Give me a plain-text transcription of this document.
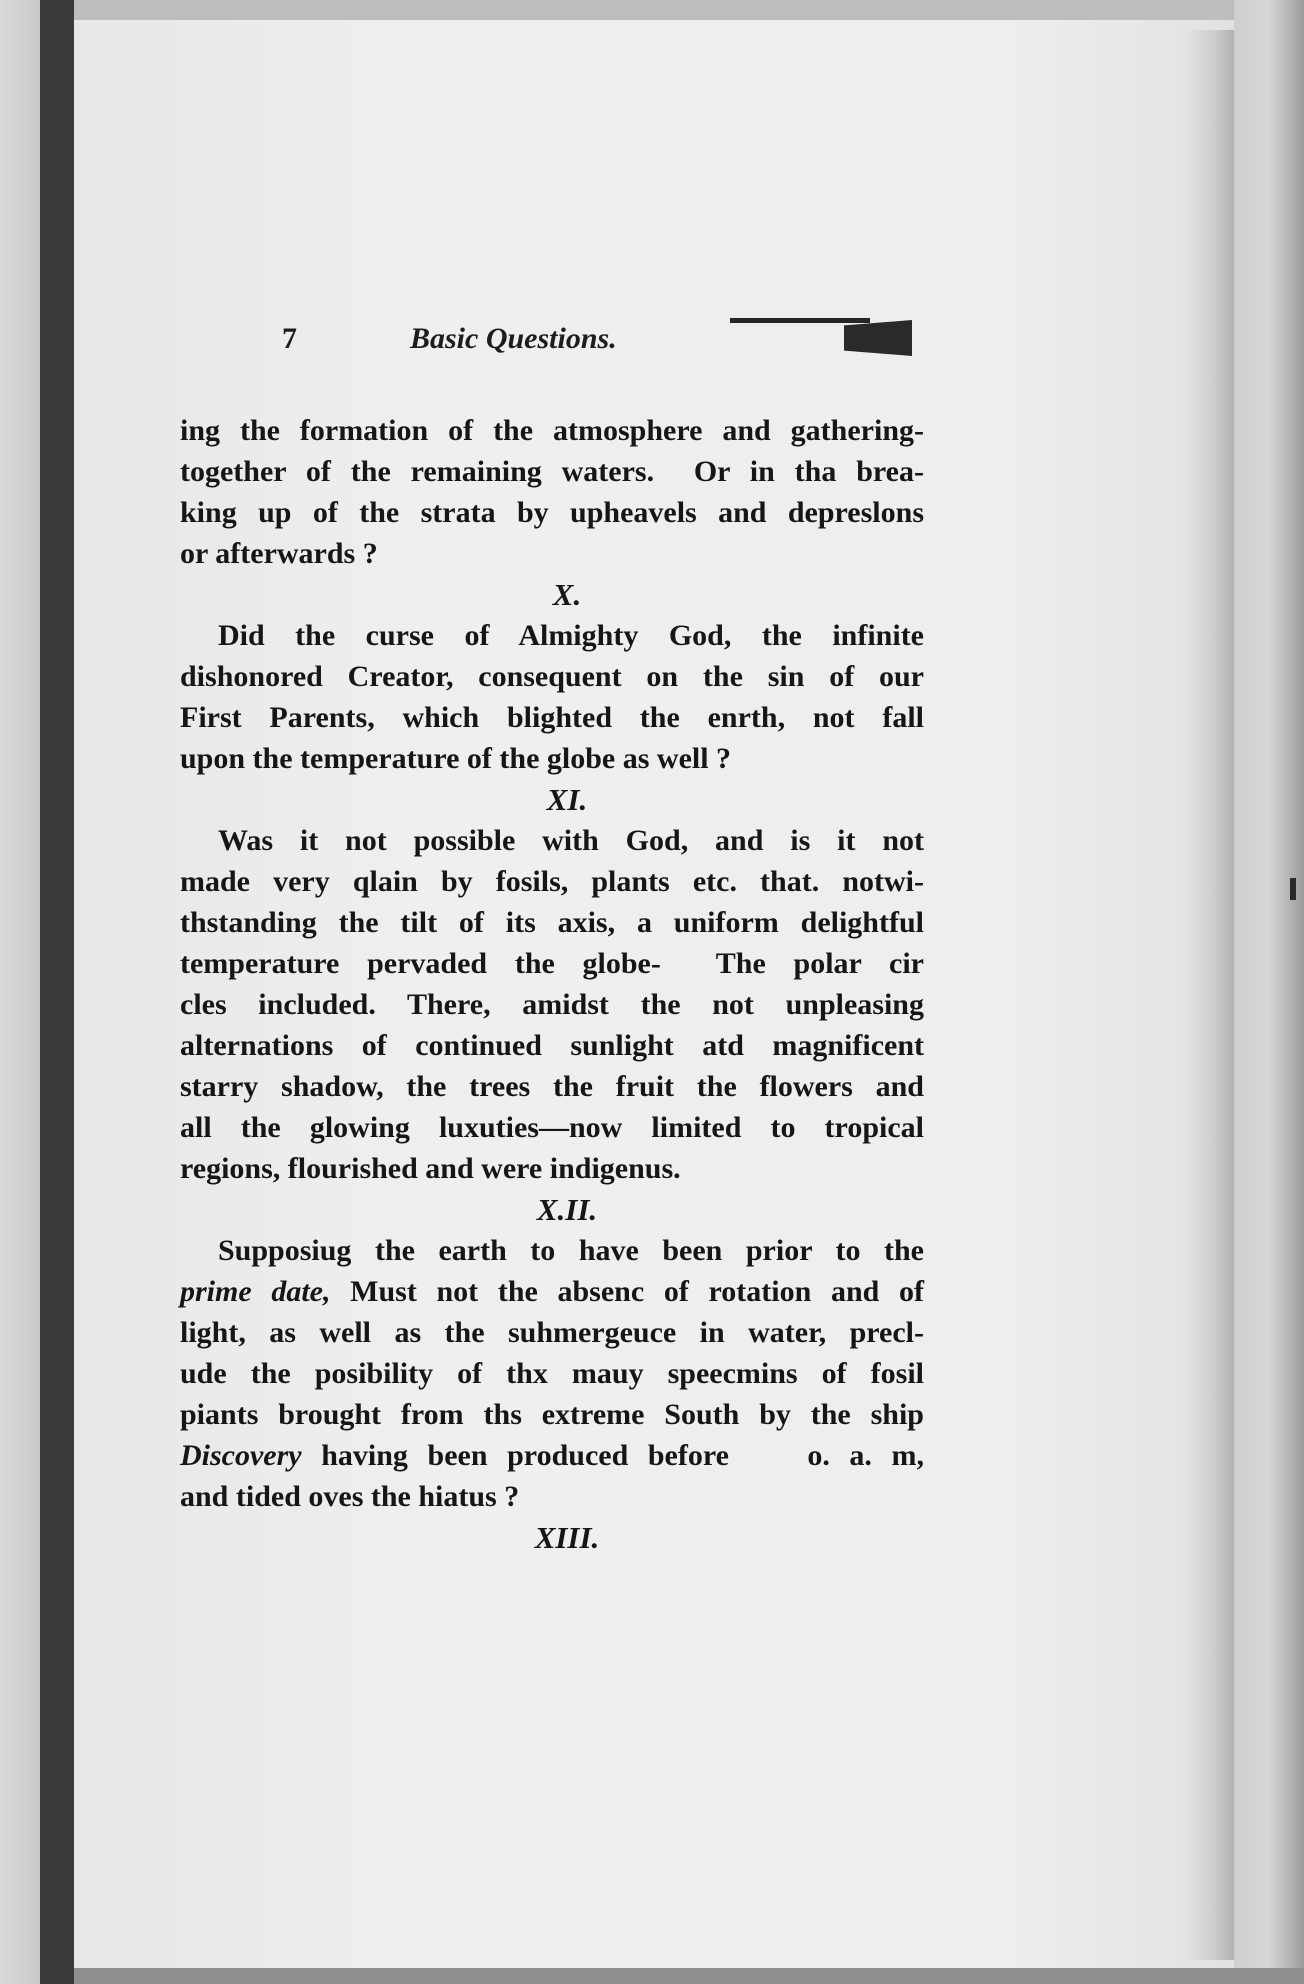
7	Basic Questions.
ing the formation of the atmosphere and gathering-
together of the remaining waters.  Or in tha brea-
king up of the strata by upheavels and depreslons
or afterwards ?
X.
Did the curse of Almighty God, the infinite
dishonored Creator, consequent on the sin of our
First Parents, which blighted the enrth, not fall
upon the temperature of the globe as well ?
XI.
Was it not possible with God, and is it not
made very qlain by fosils, plants etc. that. notwi-
thstanding the tilt of its axis, a uniform delightful
temperature pervaded the globe-  The polar cir
cles included. There, amidst the not unpleasing
alternations of continued sunlight atd magnificent
starry shadow, the trees the fruit the flowers and
all the glowing luxuties—now limited to tropical
regions, flourished and were indigenus.
X.II.
Supposiug the earth to have been prior to the
prime date, Must not the absenc of rotation and of
light, as well as the suhmergeuce in water, precl-
ude the posibility of thx mauy speecmins of fosil
piants brought from ths extreme South by the ship
Discovery having been produced before    o. a. m,
and tided oves the hiatus ?
XIII.
